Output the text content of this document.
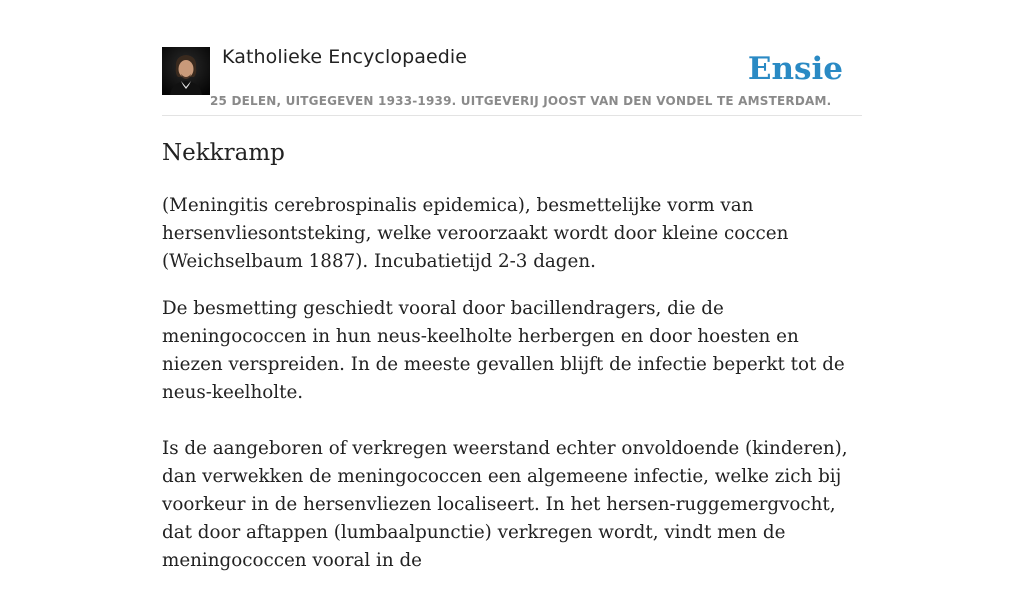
Katholieke Encyclopaedie	Ensie
25 DELEN, UITGEGEVEN 1933-1939. UITGEVERIJ JOOST VAN DEN VONDEL TE AMSTERDAM.
Nekkramp

(Meningitis cerebrospinalis epidemica), besmettelijke vorm van hersenvliesontsteking, welke veroorzaakt wordt door kleine coccen (Weichselbaum 1887). Incubatietijd 2-3 dagen.

De besmetting geschiedt vooral door bacillendragers, die de meningococcen in hun neus-keelholte herbergen en door hoesten en niezen verspreiden. In de meeste gevallen blijft de infectie beperkt tot de neus-keelholte.

Is de aangeboren of verkregen weerstand echter onvoldoende (kinderen), dan verwekken de meningococcen een algemeene infectie, welke zich bij voorkeur in de hersenvliezen localiseert. In het hersen-ruggemergvocht, dat door aftappen (lumbaalpunctie) verkregen wordt, vindt men de meningococcen vooral in de
